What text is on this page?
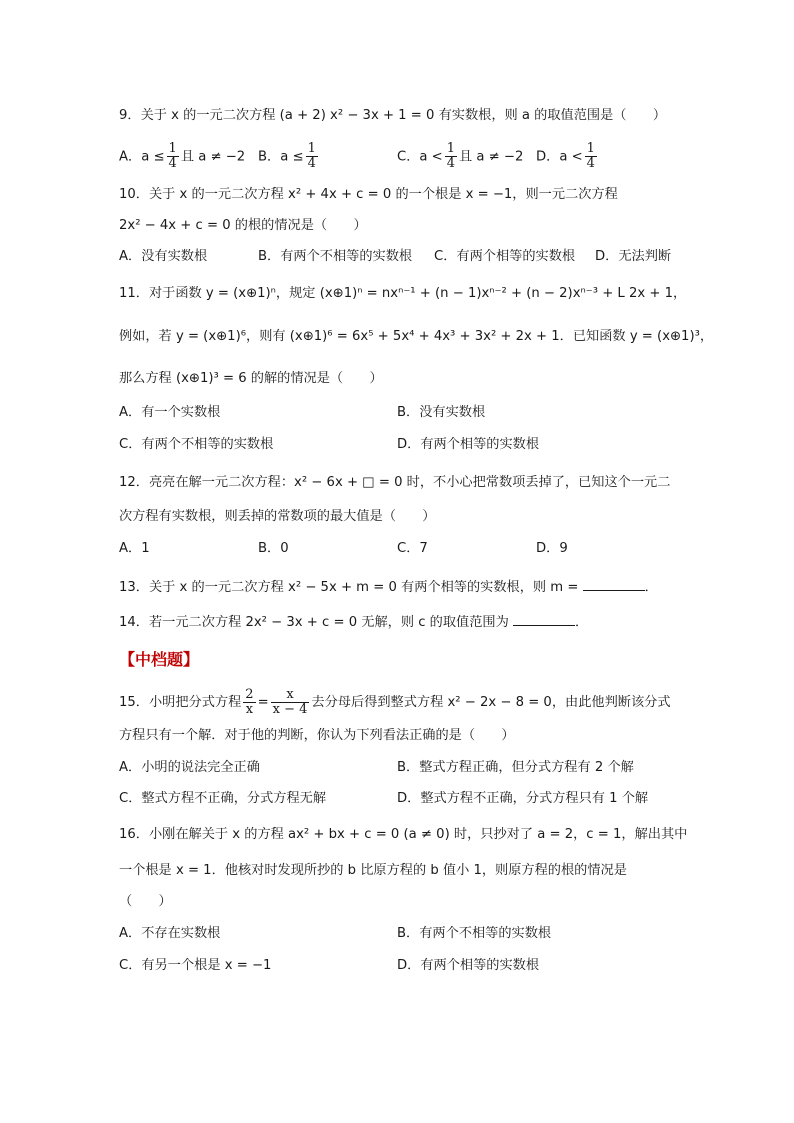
9．关于 x 的一元二次方程 (a + 2) x² − 3x + 1 = 0 有实数根，则 a 的取值范围是（　　）
A．$a \le \frac{1}{4}$ 且 a ≠ −2 B．$a \le \frac{1}{4}$	C．$a < \frac{1}{4}$ 且 a ≠ −2 D．$a < \frac{1}{4}$
10．关于 x 的一元二次方程 x² + 4x + c = 0 的一个根是 x = −1，则一元二次方程
2x² − 4x + c = 0 的根的情况是（　　）
A．没有实数根	B．有两个不相等的实数根 C．有两个相等的实数根 D．无法判断
11．对于函数 y = (x⊕1)ⁿ，规定 (x⊕1)ⁿ = nxⁿ⁻¹ + (n − 1)xⁿ⁻² + (n − 2)xⁿ⁻³ + L 2x + 1，
例如，若 y = (x⊕1)⁶，则有 (x⊕1)⁶ = 6x⁵ + 5x⁴ + 4x³ + 3x² + 2x + 1．已知函数 y = (x⊕1)³，
那么方程 (x⊕1)³ = 6 的解的情况是（　　）
A．有一个实数根	B．没有实数根
C．有两个不相等的实数根	D．有两个相等的实数根
12．亮亮在解一元二次方程：x² − 6x + □ = 0 时，不小心把常数项丢掉了，已知这个一元二
次方程有实数根，则丢掉的常数项的最大值是（　　）
A．1	B．0	C．7	D．9
13．关于 x 的一元二次方程 x² − 5x + m = 0 有两个相等的实数根，则 m =	．
14．若一元二次方程 2x² − 3x + c = 0 无解，则 c 的取值范围为	．
【中档题】
15．小明把分式方程 $\frac{2}{x} = \frac{x}{x - 4}$ 去分母后得到整式方程 x² − 2x − 8 = 0，由此他判断该分式
方程只有一个解．对于他的判断，你认为下列看法正确的是（　　）
A．小明的说法完全正确	B．整式方程正确，但分式方程有 2 个解
C．整式方程不正确，分式方程无解	D．整式方程不正确，分式方程只有 1 个解
16．小刚在解关于 x 的方程 ax² + bx + c = 0 (a ≠ 0) 时，只抄对了 a = 2，c = 1，解出其中
一个根是 x = 1．他核对时发现所抄的 b 比原方程的 b 值小 1，则原方程的根的情况是
（　　）
A．不存在实数根	B．有两个不相等的实数根
C．有另一个根是 x = −1	D．有两个相等的实数根
